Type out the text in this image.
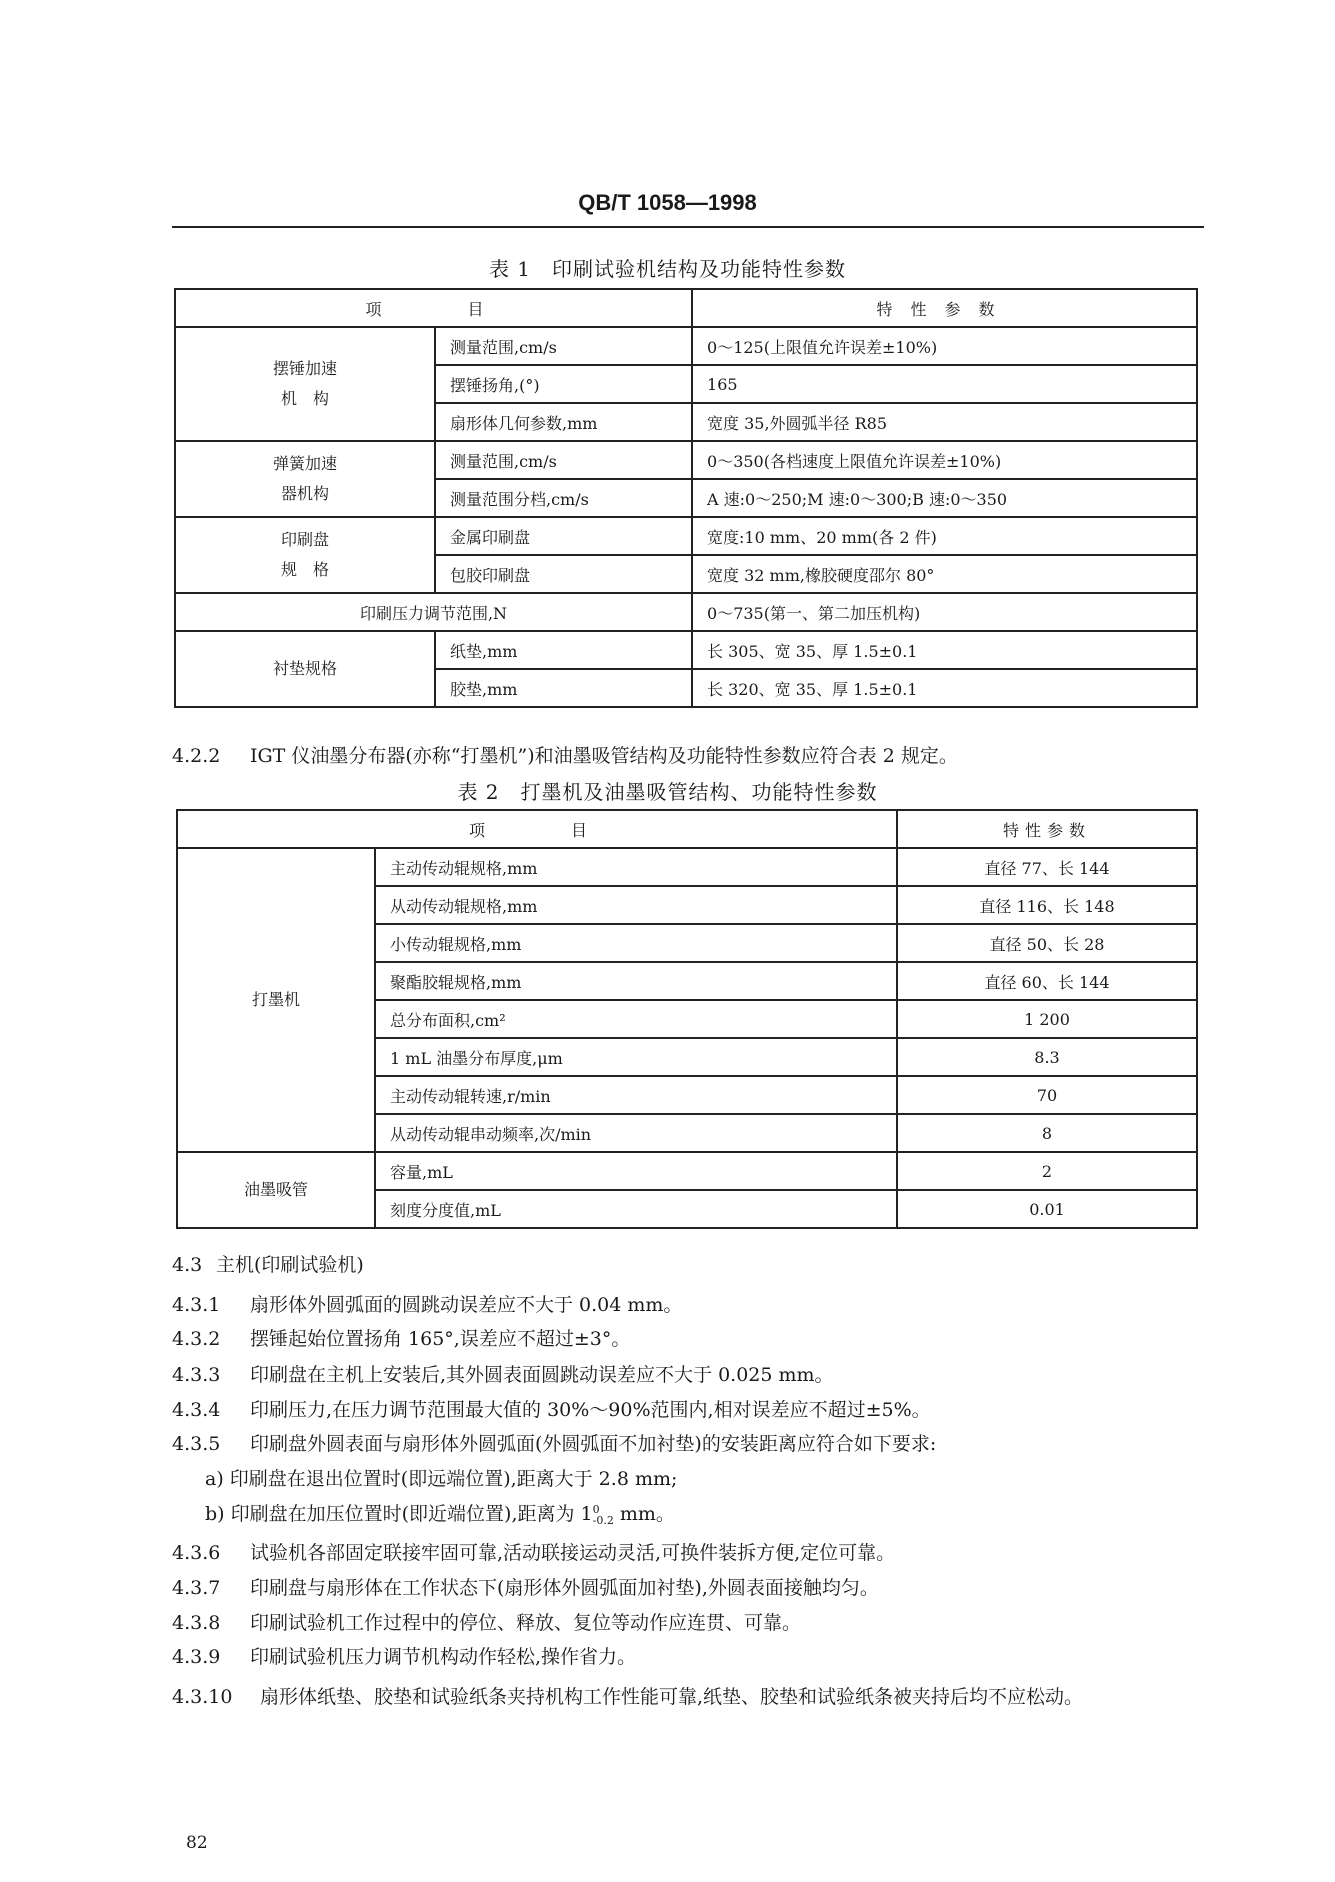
QB/T 1058—1998
表 1　印刷试验机结构及功能特性参数
项　　目		特性参数

摆锤加速
机　构	测量范围,cm/s	0～125(上限值允许误差±10%)
	摆锤扬角,(°)	165
	扇形体几何参数,mm	宽度 35,外圆弧半径 R85

弹簧加速
器机构	测量范围,cm/s	0～350(各档速度上限值允许误差±10%)
	测量范围分档,cm/s	A 速:0～250;M 速:0～300;B 速:0～350

印刷盘
规　格	金属印刷盘	宽度:10 mm、20 mm(各 2 件)
	包胶印刷盘	宽度 32 mm,橡胶硬度邵尔 80°
印刷压力调节范围,N		0～735(第一、第二加压机构)
衬垫规格	纸垫,mm	长 305、宽 35、厚 1.5±0.1
	胶垫,mm	长 320、宽 35、厚 1.5±0.1
4.2.2 IGT 仪油墨分布器(亦称“打墨机”)和油墨吸管结构及功能特性参数应符合表 2 规定。
表 2　打墨机及油墨吸管结构、功能特性参数
项　　目		特性参数
打墨机	主动传动辊规格,mm	直径 77、长 144
	从动传动辊规格,mm	直径 116、长 148
	小传动辊规格,mm	直径 50、长 28
	聚酯胶辊规格,mm	直径 60、长 144
	总分布面积,cm²	1 200
	1 mL 油墨分布厚度,μm	8.3
	主动传动辊转速,r/min	70
	从动传动辊串动频率,次/min	8
油墨吸管	容量,mL	2
	刻度分度值,mL	0.01
4.3 主机(印刷试验机)
4.3.1 扇形体外圆弧面的圆跳动误差应不大于 0.04 mm。
4.3.2 摆锤起始位置扬角 165°,误差应不超过±3°。
4.3.3 印刷盘在主机上安装后,其外圆表面圆跳动误差应不大于 0.025 mm。
4.3.4 印刷压力,在压力调节范围最大值的 30%～90%范围内,相对误差应不超过±5%。
4.3.5 印刷盘外圆表面与扇形体外圆弧面(外圆弧面不加衬垫)的安装距离应符合如下要求:
a) 印刷盘在退出位置时(即远端位置),距离大于 2.8 mm;
b) 印刷盘在加压位置时(即近端位置),距离为 1 0
-0.2 mm。
4.3.6 试验机各部固定联接牢固可靠,活动联接运动灵活,可换件装拆方便,定位可靠。
4.3.7 印刷盘与扇形体在工作状态下(扇形体外圆弧面加衬垫),外圆表面接触均匀。
4.3.8 印刷试验机工作过程中的停位、释放、复位等动作应连贯、可靠。
4.3.9 印刷试验机压力调节机构动作轻松,操作省力。
4.3.10 扇形体纸垫、胶垫和试验纸条夹持机构工作性能可靠,纸垫、胶垫和试验纸条被夹持后均不应松动。
82
